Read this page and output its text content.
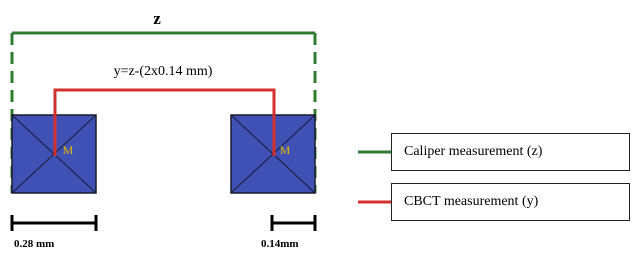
z
y=z-(2x0.14 mm)
M	M
0.28 mm	0.14mm
Caliper measurement (z)
CBCT measurement (y)
